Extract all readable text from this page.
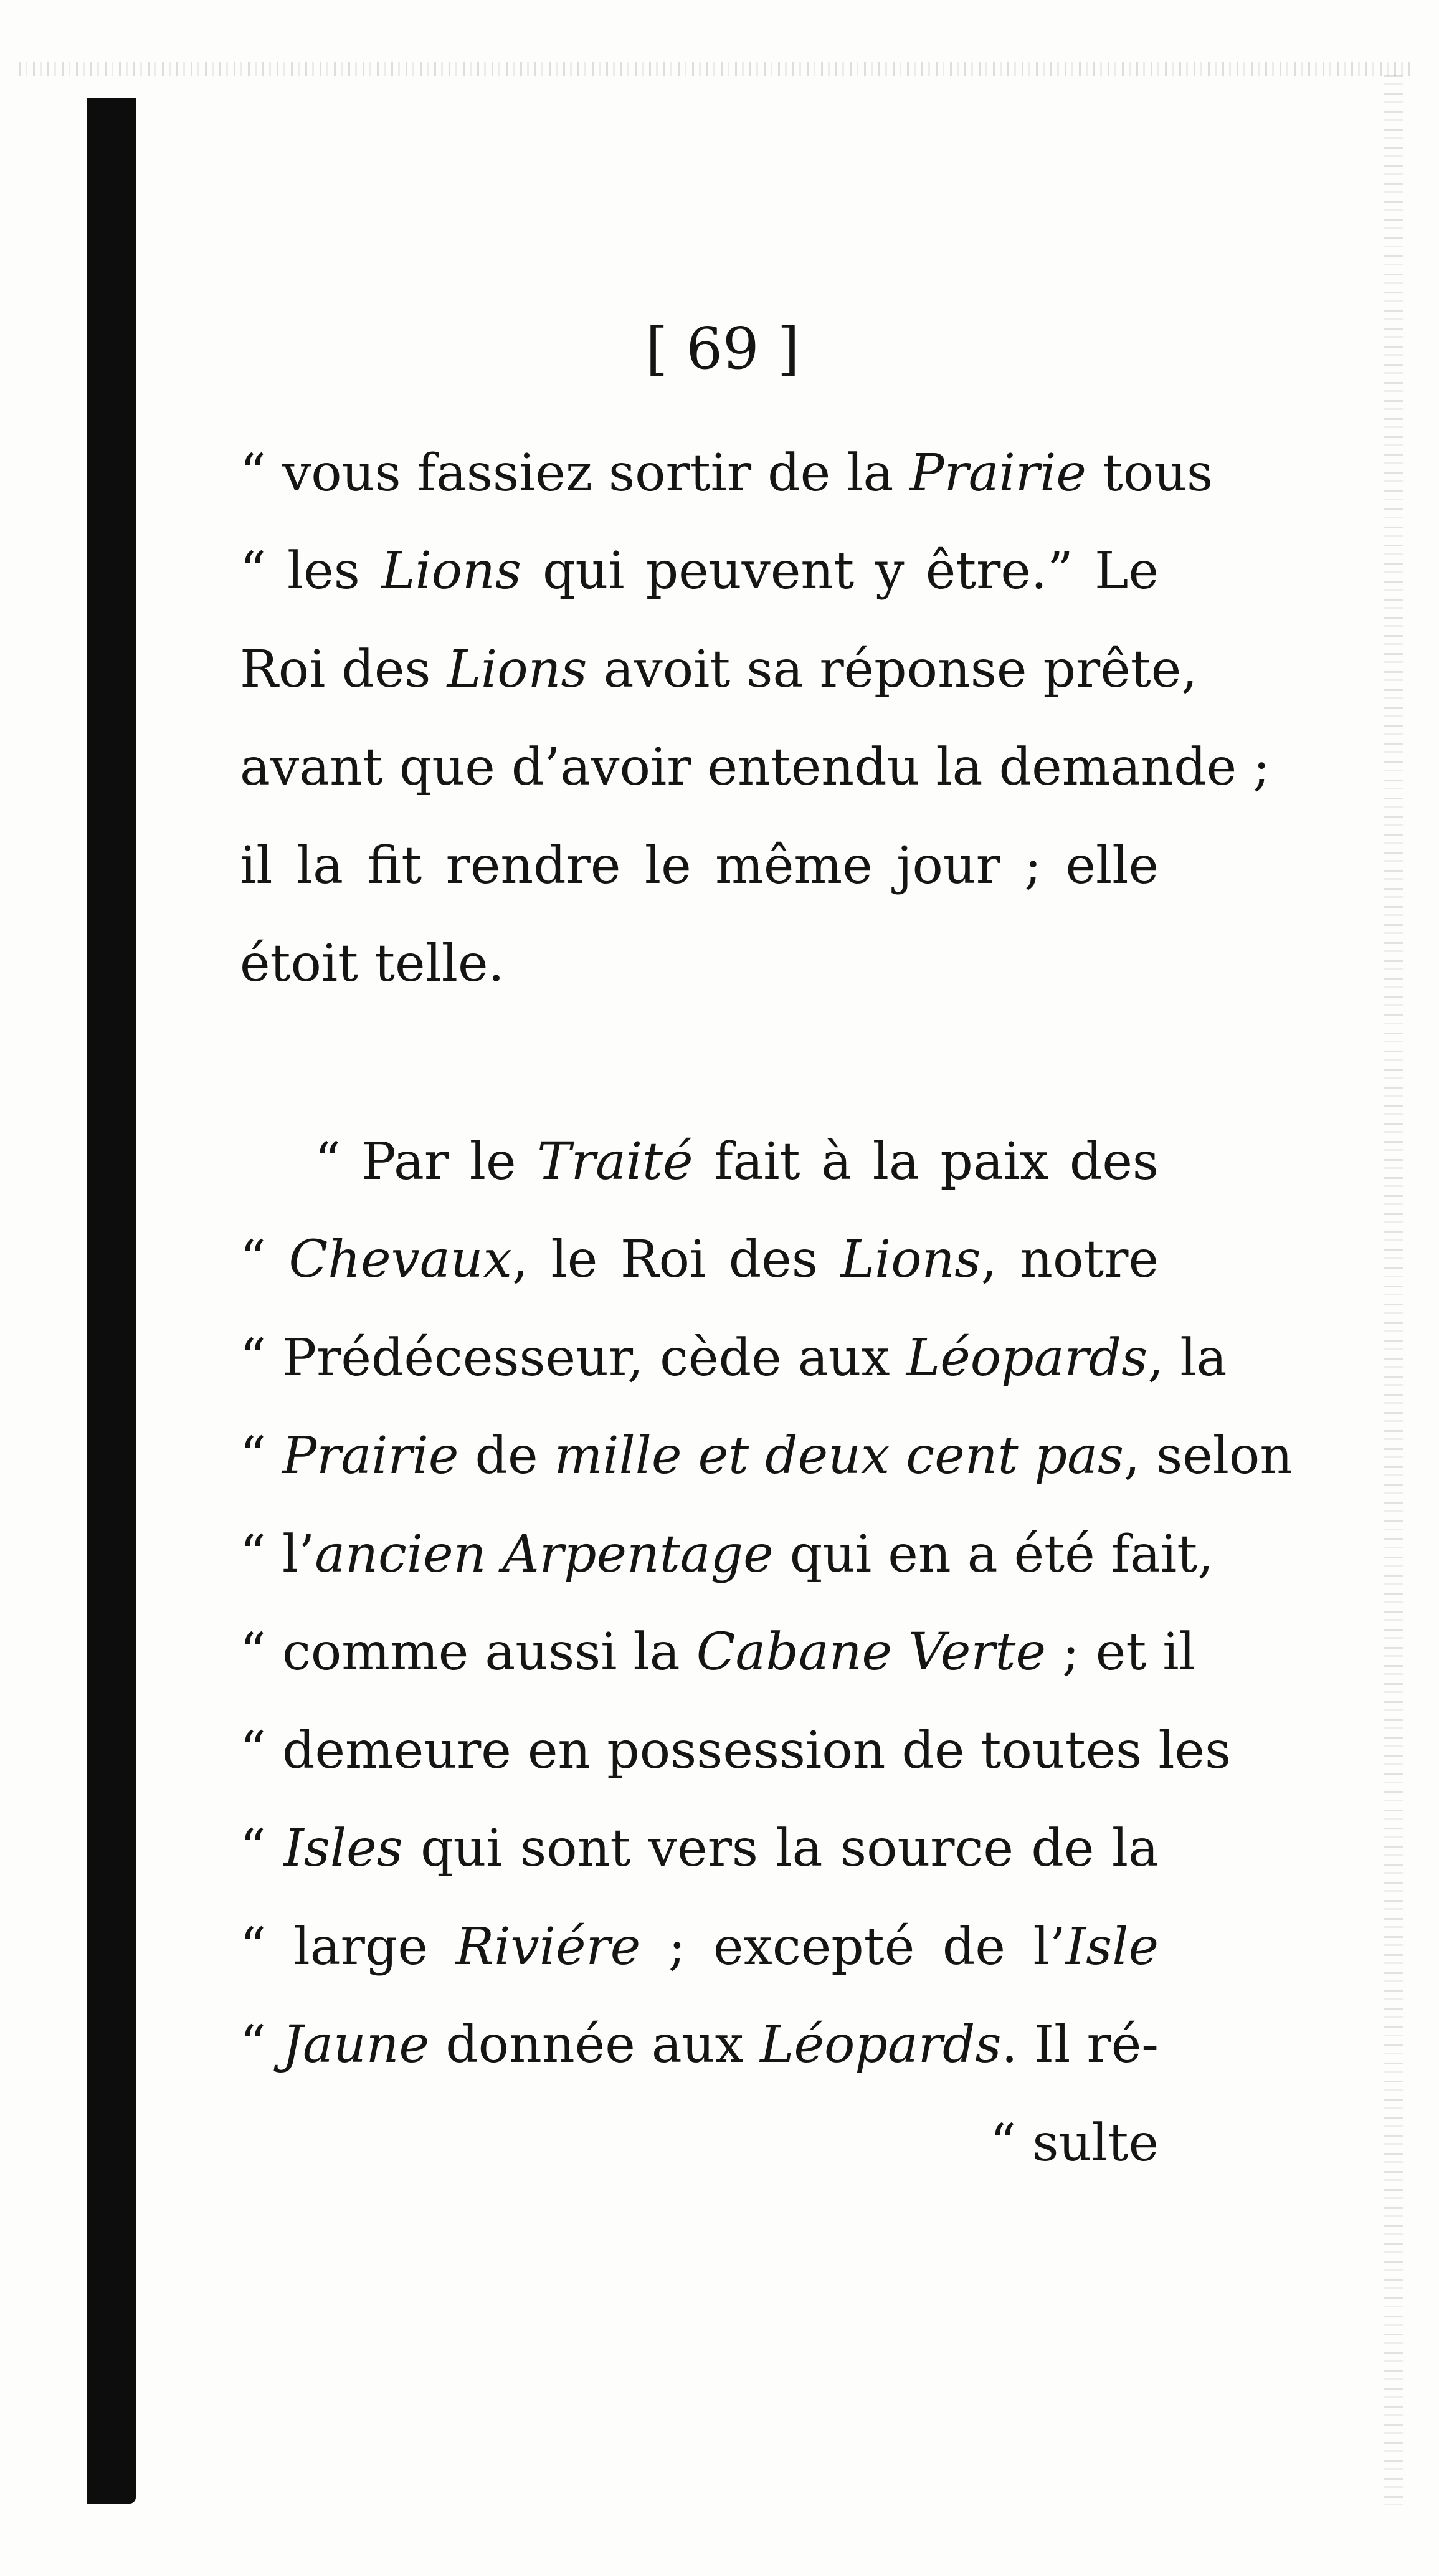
[ 69 ]
“ vous fassiez sortir de la Prairie tous
“ les Lions qui peuvent y être.” Le
Roi des Lions avoit sa réponse prête,
avant que d’avoir entendu la demande ;
il la fit rendre le même jour ; elle
étoit telle.
“ Par le Traité fait à la paix des
“ Chevaux, le Roi des Lions, notre
“ Prédécesseur, cède aux Léopards, la
“ Prairie de mille et deux cent pas, selon
“ l’ancien Arpentage qui en a été fait,
“ comme aussi la Cabane Verte ; et il
“ demeure en possession de toutes les
“ Isles qui sont vers la source de la
“ large Riviére ; excepté de l’Isle
“ Jaune donnée aux Léopards. Il ré-
“ sulte
